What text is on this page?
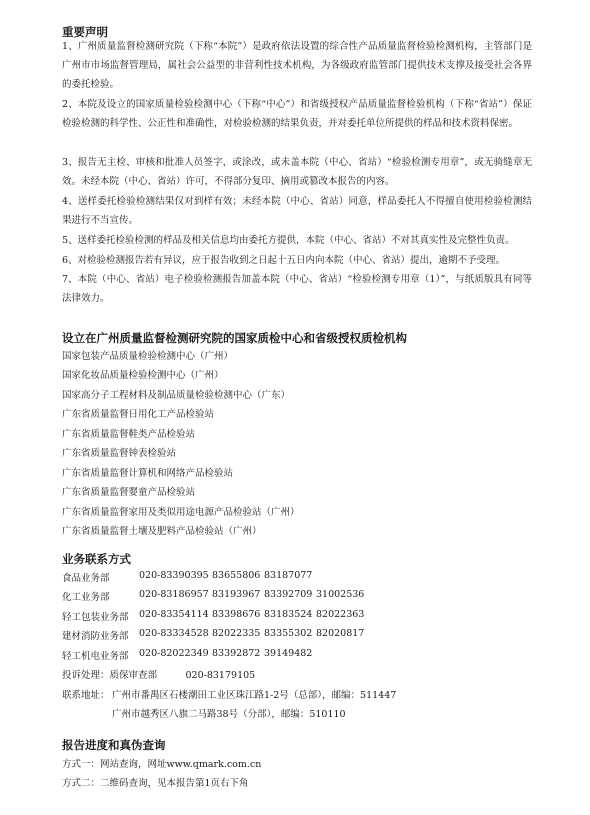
重要声明
1、广州质量监督检测研究院（下称“本院”）是政府依法设置的综合性产品质量监督检验检测机构，主管部门是广州市市场监督管理局，属社会公益型的非营利性技术机构，为各级政府监管部门提供技术支撑及接受社会各界的委托检验。
2、本院及设立的国家质量检验检测中心（下称“中心”）和省级授权产品质量监督检验机构（下称“省站”）保证检验检测的科学性、公正性和准确性，对检验检测的结果负责，并对委托单位所提供的样品和技术资料保密。
3、报告无主检、审核和批准人员签字，或涂改，或未盖本院（中心、省站）“检验检测专用章”，或无骑缝章无效。未经本院（中心、省站）许可，不得部分复印、摘用或篡改本报告的内容。
4、送样委托检验检测结果仅对到样有效；未经本院（中心、省站）同意，样品委托人不得擅自使用检验检测结果进行不当宣传。
5、送样委托检验检测的样品及相关信息均由委托方提供，本院（中心、省站）不对其真实性及完整性负责。
6、对检验检测报告若有异议，应于报告收到之日起十五日内向本院（中心、省站）提出，逾期不予受理。
7、本院（中心、省站）电子检验检测报告加盖本院（中心、省站）“检验检测专用章（1）”，与纸质版具有同等法律效力。
设立在广州质量监督检测研究院的国家质检中心和省级授权质检机构
国家包装产品质量检验检测中心（广州）
国家化妆品质量检验检测中心（广州）
国家高分子工程材料及制品质量检验检测中心（广东）
广东省质量监督日用化工产品检验站
广东省质量监督鞋类产品检验站
广东省质量监督钟表检验站
广东省质量监督计算机和网络产品检验站
广东省质量监督婴童产品检验站
广东省质量监督家用及类似用途电源产品检验站（广州）
广东省质量监督土壤及肥料产品检验站（广州）
业务联系方式
食品业务部	020-83390395 83655806 83187077
化工业务部	020-83186957 83193967 83392709 31002536
轻工包装业务部 020-83354114 83398676 83183524 82022363
建材消防业务部 020-83334528 82022335 83355302 82020817
轻工机电业务部 020-82022349 83392872 39149482
投诉处理：质保审查部　　　020-83179105
联系地址： 广州市番禺区石楼潮田工业区珠江路1-2号（总部），邮编：511447
广州市越秀区八旗二马路38号（分部），邮编：510110
报告进度和真伪查询
方式一：网站查询，网址www.qmark.com.cn
方式二：二维码查询，见本报告第1页右下角
